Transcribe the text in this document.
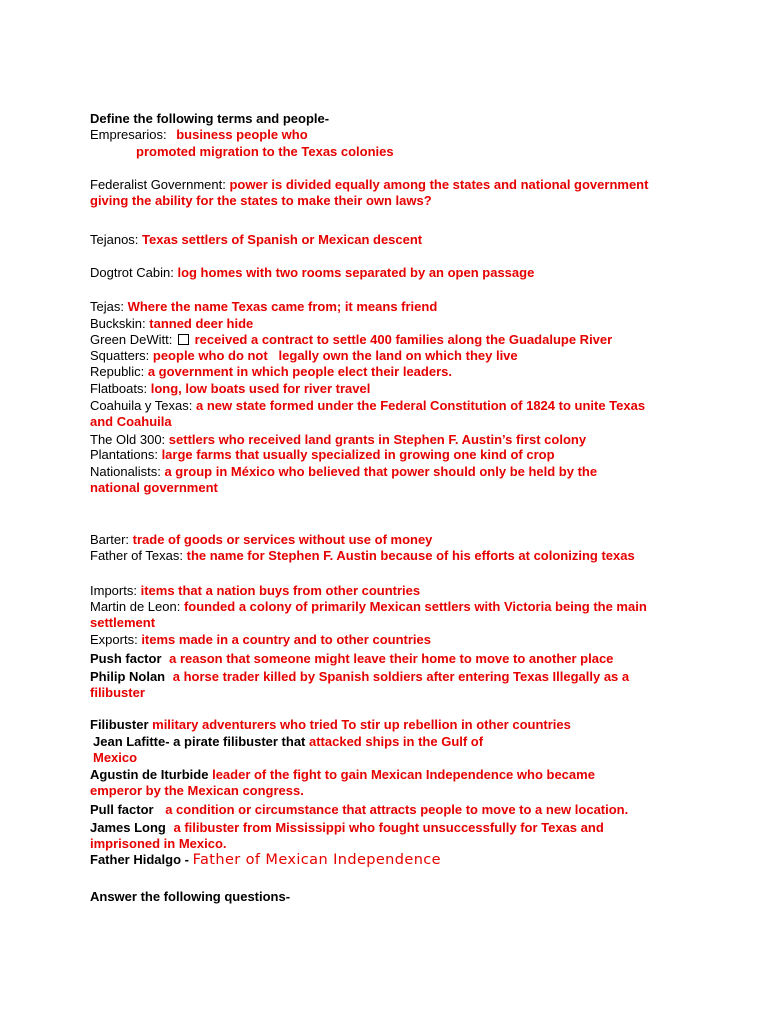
Define the following terms and people-
Empresarios: business people who
promoted migration to the Texas colonies
Federalist Government: power is divided equally among the states and national government giving the ability for the states to make their own laws?
Tejanos: Texas settlers of Spanish or Mexican descent
Dogtrot Cabin: log homes with two rooms separated by an open passage
Tejas: Where the name Texas came from; it means friend
Buckskin: tanned deer hide
Green DeWitt: received a contract to settle 400 families along the Guadalupe River
Squatters: people who do not   legally own the land on which they live
Republic: a government in which people elect their leaders.
Flatboats: long, low boats used for river travel
Coahuila y Texas: a new state formed under the Federal Constitution of 1824 to unite Texas and Coahuila
The Old 300: settlers who received land grants in Stephen F. Austin’s first colony
Plantations: large farms that usually specialized in growing one kind of crop
Nationalists: a group in México who believed that power should only be held by the national government
Barter: trade of goods or services without use of money
Father of Texas: the name for Stephen F. Austin because of his efforts at colonizing texas
Imports: items that a nation buys from other countries
Martin de Leon: founded a colony of primarily Mexican settlers with Victoria being the main settlement
Exports: items made in a country and to other countries
Push factor a reason that someone might leave their home to move to another place
Philip Nolan a horse trader killed by Spanish soldiers after entering Texas Illegally as a filibuster
Filibuster military adventurers who tried To stir up rebellion in other countries
Jean Lafitte- a pirate filibuster that attacked ships in the Gulf of Mexico
Agustin de Iturbide leader of the fight to gain Mexican Independence who became emperor by the Mexican congress.
Pull factor a condition or circumstance that attracts people to move to a new location.
James Long a filibuster from Mississippi who fought unsuccessfully for Texas and imprisoned in Mexico.
Father Hidalgo - Father of Mexican Independence
Answer the following questions-
